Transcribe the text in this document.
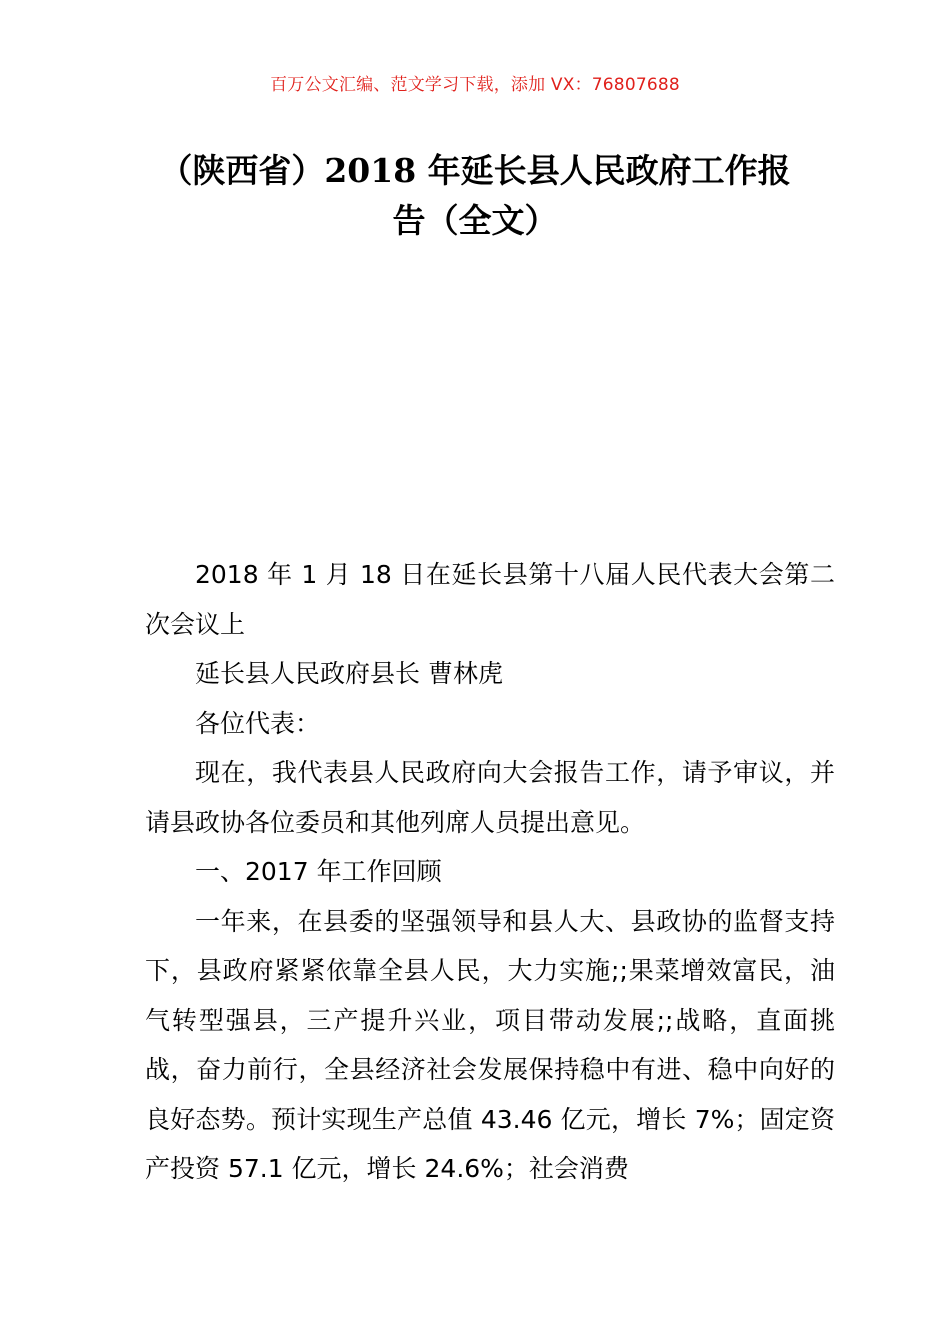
百万公文汇编、范文学习下载，添加 VX：76807688
（陕西省）2018 年延长县人民政府工作报
告（全文）

2018 年 1 月 18 日在延长县第十八届人民代表大会第二次会议上

延长县人民政府县长 曹林虎

各位代表：

现在，我代表县人民政府向大会报告工作，请予审议，并请县政协各位委员和其他列席人员提出意见。

一、2017 年工作回顾

一年来，在县委的坚强领导和县人大、县政协的监督支持下，县政府紧紧依靠全县人民，大力实施;;果菜增效富民，油气转型强县，三产提升兴业，项目带动发展;;战略，直面挑战，奋力前行，全县经济社会发展保持稳中有进、稳中向好的良好态势。预计实现生产总值 43.46 亿元，增长 7%；固定资产投资 57.1 亿元，增长 24.6%；社会消费
